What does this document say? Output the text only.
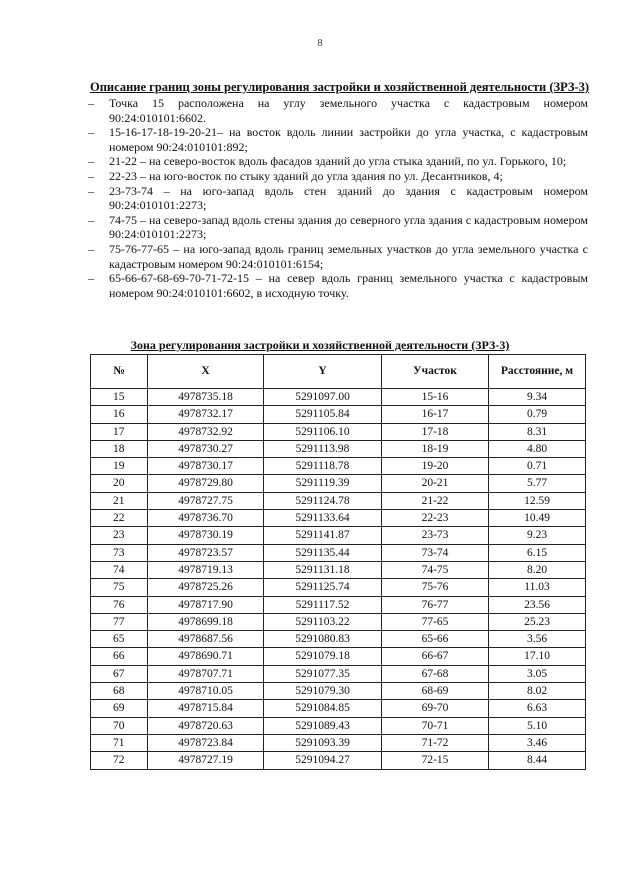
8
Описание границ зоны регулирования застройки и хозяйственной деятельности (ЗРЗ-3)
– Точка 15 расположена на углу земельного участка с кадастровым номером 90:24:010101:6602.
– 15-16-17-18-19-20-21– на восток вдоль линии застройки до угла участка, с кадастровым номером 90:24:010101:892;
– 21-22 – на северо-восток вдоль фасадов зданий до угла стыка зданий, по ул. Горького, 10;
– 22-23 – на юго-восток по стыку зданий до угла здания по ул. Десантников, 4;
– 23-73-74 – на юго-запад вдоль стен зданий до здания с кадастровым номером 90:24:010101:2273;
– 74-75 – на северо-запад вдоль стены здания до северного угла здания с кадастровым номером 90:24:010101:2273;
– 75-76-77-65 – на юго-запад вдоль границ земельных участков до угла земельного участка с кадастровым номером 90:24:010101:6154;
– 65-66-67-68-69-70-71-72-15 – на север вдоль границ земельного участка с кадастровым номером 90:24:010101:6602, в исходную точку.
Зона регулирования застройки и хозяйственной деятельности (ЗРЗ-3)
№	X	Y	Участок	Расстояние, м
15	4978735.18	5291097.00	15-16	9.34
16	4978732.17	5291105.84	16-17	0.79
17	4978732.92	5291106.10	17-18	8.31
18	4978730.27	5291113.98	18-19	4.80
19	4978730.17	5291118.78	19-20	0.71
20	4978729.80	5291119.39	20-21	5.77
21	4978727.75	5291124.78	21-22	12.59
22	4978736.70	5291133.64	22-23	10.49
23	4978730.19	5291141.87	23-73	9.23
73	4978723.57	5291135.44	73-74	6.15
74	4978719.13	5291131.18	74-75	8.20
75	4978725.26	5291125.74	75-76	11.03
76	4978717.90	5291117.52	76-77	23.56
77	4978699.18	5291103.22	77-65	25.23
65	4978687.56	5291080.83	65-66	3.56
66	4978690.71	5291079.18	66-67	17.10
67	4978707.71	5291077.35	67-68	3.05
68	4978710.05	5291079.30	68-69	8.02
69	4978715.84	5291084.85	69-70	6.63
70	4978720.63	5291089.43	70-71	5.10
71	4978723.84	5291093.39	71-72	3.46
72	4978727.19	5291094.27	72-15	8.44
